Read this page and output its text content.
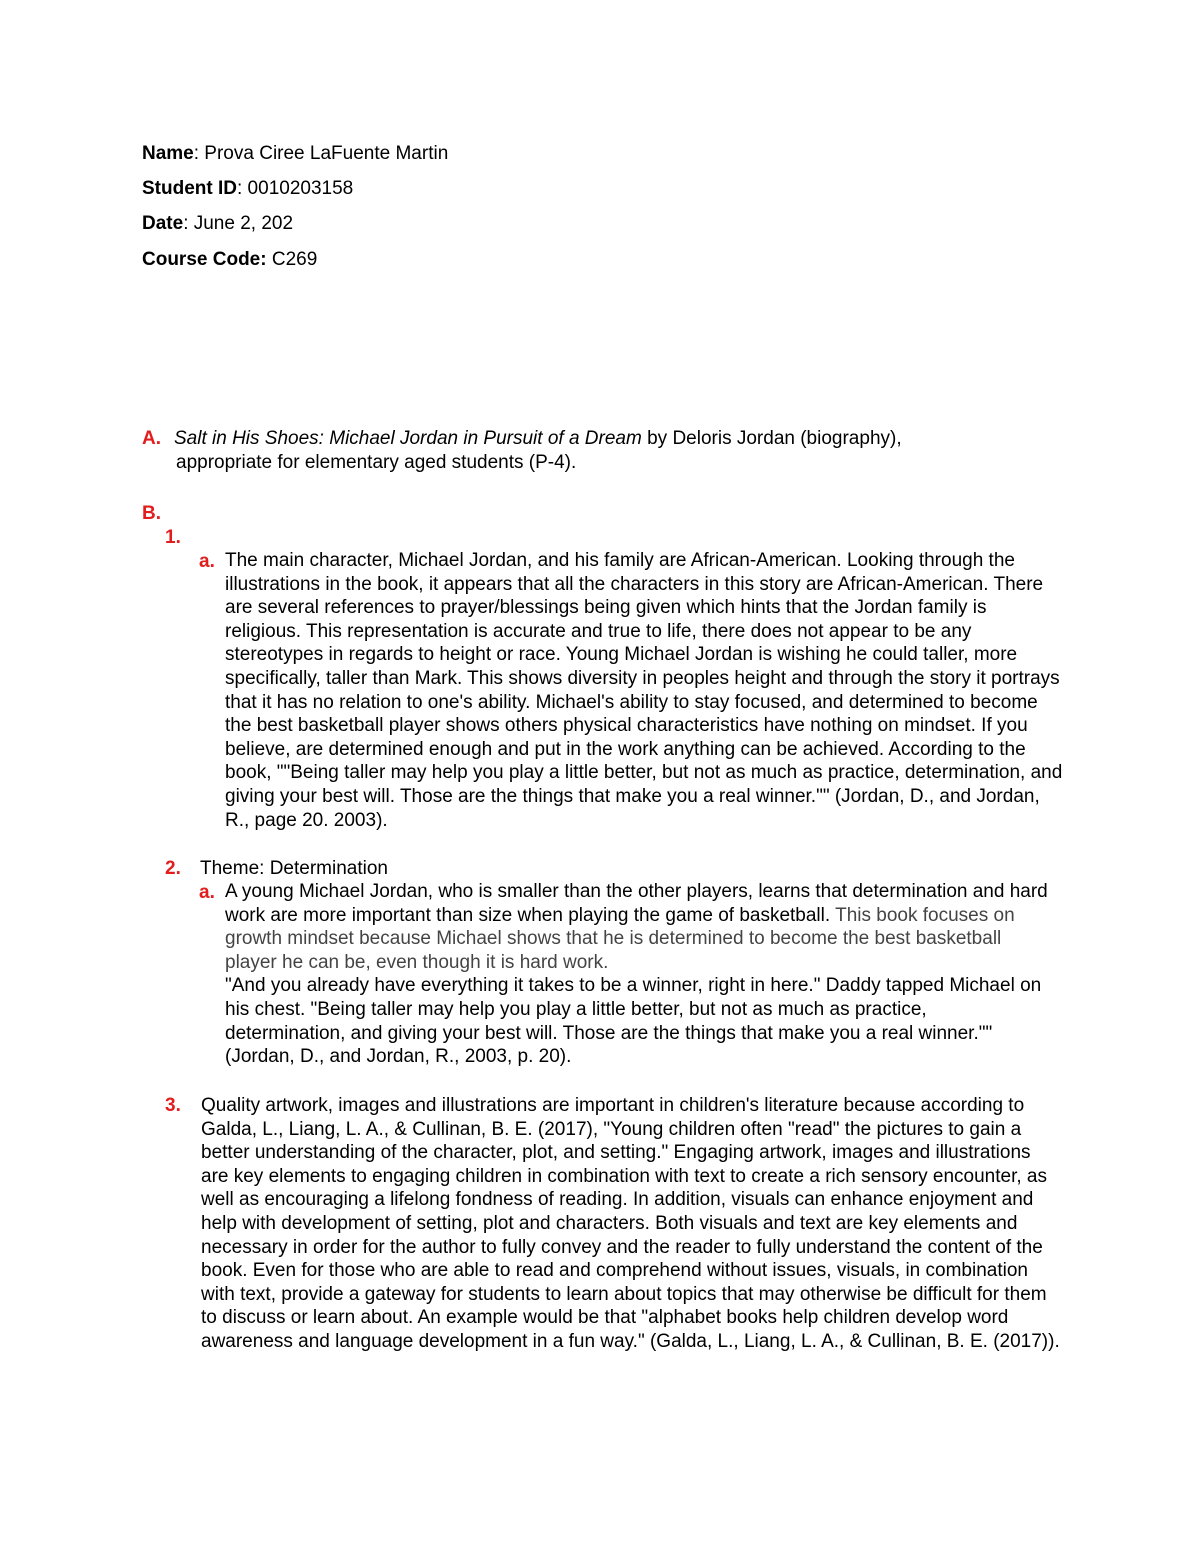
Name: Prova Ciree LaFuente Martin
Student ID: 0010203158
Date: June 2, 202
Course Code: C269
A. Salt in His Shoes: Michael Jordan in Pursuit of a Dream by Deloris Jordan (biography),
appropriate for elementary aged students (P-4).
B.
1.
a. The main character, Michael Jordan, and his family are African-American. Looking through the illustrations in the book, it appears that all the characters in this story are African-American. There are several references to prayer/blessings being given which hints that the Jordan family is religious. This representation is accurate and true to life, there does not appear to be any stereotypes in regards to height or race. Young Michael Jordan is wishing he could taller, more specifically, taller than Mark. This shows diversity in peoples height and through the story it portrays that it has no relation to one's ability. Michael's ability to stay focused, and determined to become the best basketball player shows others physical characteristics have nothing on mindset. If you believe, are determined enough and put in the work anything can be achieved. According to the book, ""Being taller may help you play a little better, but not as much as practice, determination, and giving your best will. Those are the things that make you a real winner."" (Jordan, D., and Jordan, R., page 20. 2003).

2. Theme: Determination
a. A young Michael Jordan, who is smaller than the other players, learns that determination and hard work are more important than size when playing the game of basketball. This book focuses on growth mindset because Michael shows that he is determined to become the best basketball player he can be, even though it is hard work.
"And you already have everything it takes to be a winner, right in here." Daddy tapped Michael on his chest. "Being taller may help you play a little better, but not as much as practice, determination, and giving your best will. Those are the things that make you a real winner."" (Jordan, D., and Jordan, R., 2003, p. 20).

3. Quality artwork, images and illustrations are important in children's literature because according to Galda, L., Liang, L. A., & Cullinan, B. E. (2017), "Young children often "read" the pictures to gain a better understanding of the character, plot, and setting." Engaging artwork, images and illustrations are key elements to engaging children in combination with text to create a rich sensory encounter, as well as encouraging a lifelong fondness of reading. In addition, visuals can enhance enjoyment and help with development of setting, plot and characters. Both visuals and text are key elements and necessary in order for the author to fully convey and the reader to fully understand the content of the book. Even for those who are able to read and comprehend without issues, visuals, in combination with text, provide a gateway for students to learn about topics that may otherwise be difficult for them to discuss or learn about. An example would be that "alphabet books help children develop word awareness and language development in a fun way." (Galda, L., Liang, L. A., & Cullinan, B. E. (2017)).
